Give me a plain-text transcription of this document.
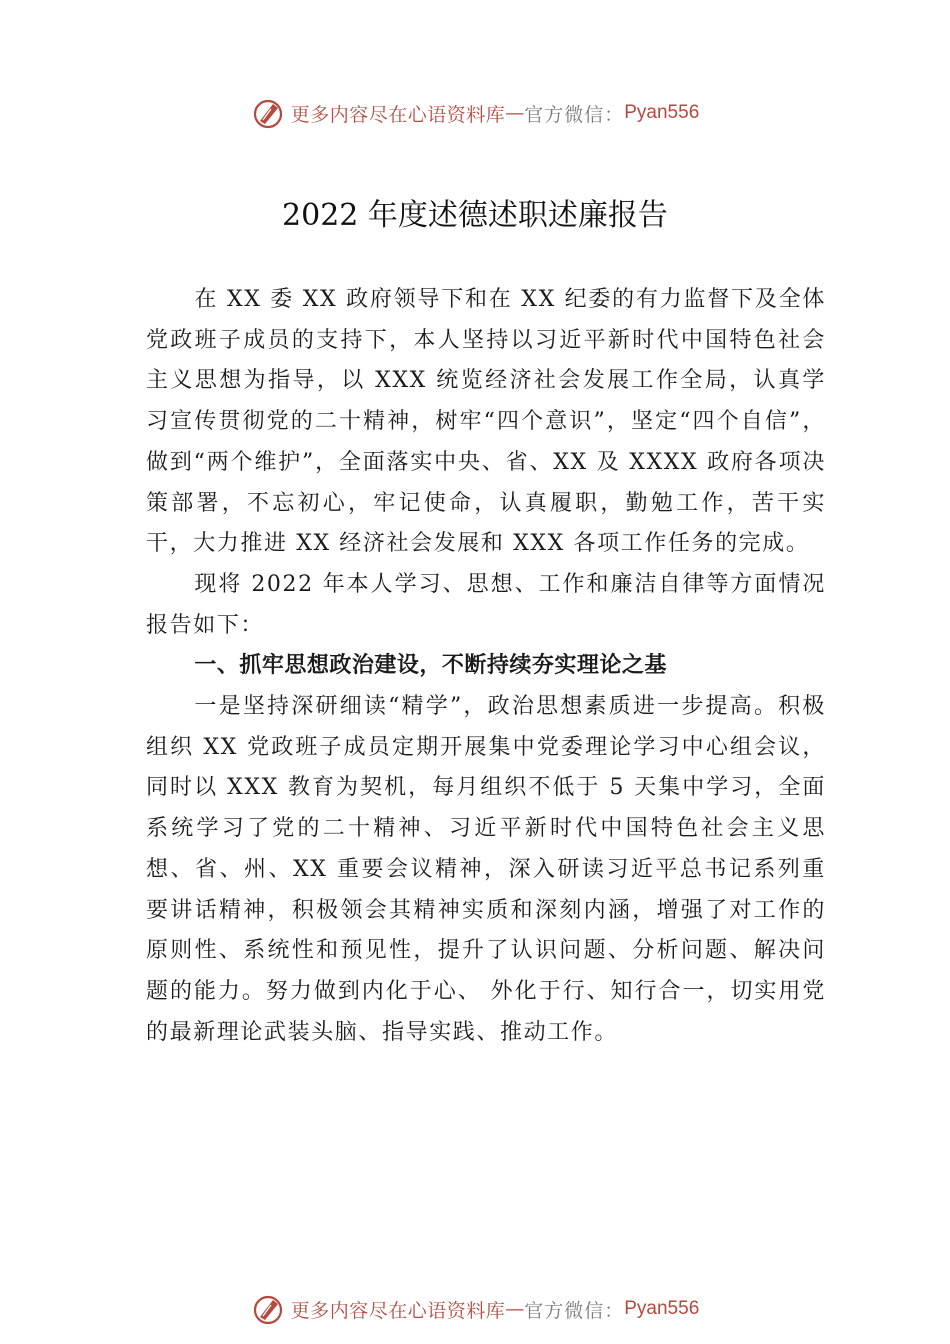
更多内容尽在心语资料库 — 官方微信： Pyan556
2022 年度述德述职述廉报告

在 XX 委 XX 政府领导下和在 XX 纪委的有力监督下及全体党政班子成员的支持下，本人坚持以习近平新时代中国特色社会主义思想为指导，以 XXX 统览经济社会发展工作全局，认真学习宣传贯彻党的二十精神，树牢“四个意识”，坚定“四个自信”，做到“两个维护”，全面落实中央、省、XX 及 XXXX 政府各项决策部署，不忘初心，牢记使命，认真履职，勤勉工作，苦干实干，大力推进 XX 经济社会发展和 XXX 各项工作任务的完成。

现将 2022 年本人学习、思想、工作和廉洁自律等方面情况报告如下：

一、抓牢思想政治建设，不断持续夯实理论之基

一是坚持深研细读“精学”，政治思想素质进一步提高。积极组织 XX 党政班子成员定期开展集中党委理论学习中心组会议，同时以 XXX 教育为契机，每月组织不低于 5 天集中学习，全面系统学习了党的二十精神、习近平新时代中国特色社会主义思想、省、州、XX 重要会议精神，深入研读习近平总书记系列重要讲话精神，积极领会其精神实质和深刻内涵，增强了对工作的原则性、系统性和预见性，提升了认识问题、分析问题、解决问题的能力。努力做到内化于心、 外化于行、知行合一，切实用党的最新理论武装头脑、指导实践、推动工作。

更多内容尽在心语资料库 — 官方微信： Pyan556
